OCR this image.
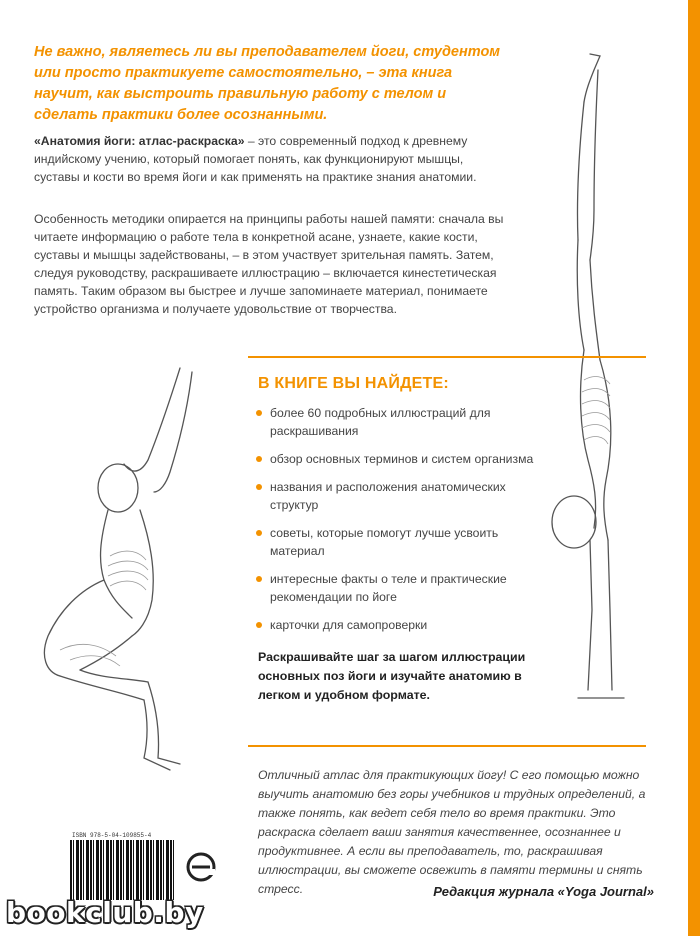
Не важно, являетесь ли вы преподавателем йоги, студентом или просто практикуете самостоятельно, – эта книга научит, как выстроить правильную работу с телом и сделать практики более осознанными.
«Анатомия йоги: атлас-раскраска» – это современный подход к древнему индийскому учению, который помогает понять, как функционируют мышцы, суставы и кости во время йоги и как применять на практике знания анатомии.
Особенность методики опирается на принципы работы нашей памяти: сначала вы читаете информацию о работе тела в конкретной асане, узнаете, какие кости, суставы и мышцы задействованы, – в этом участвует зрительная память. Затем, следуя руководству, раскрашиваете иллюстрацию – включается кинестетическая память. Таким образом вы быстрее и лучше запоминаете материал, понимаете устройство организма и получаете удовольствие от творчества.
В КНИГЕ ВЫ НАЙДЕТЕ:
более 60 подробных иллюстраций для раскрашивания
обзор основных терминов и систем организма
названия и расположения анатомических структур
советы, которые помогут лучше усвоить материал
интересные факты о теле и практические рекомендации по йоге
карточки для самопроверки
Раскрашивайте шаг за шагом иллюстрации основных поз йоги и изучайте анатомию в легком и удобном формате.
Отличный атлас для практикующих йогу! С его помощью можно выучить анатомию без горы учебников и трудных определений, а также понять, как ведет себя тело во время практики. Это раскраска сделает ваши занятия качественнее, осознаннее и продуктивнее. А если вы преподаватель, то, раскрашивая иллюстрации, вы сможете освежить в памяти термины и снять стресс.	Редакция журнала «Yoga Journal»
ISBN 978-5-04-109855-4
bookclub.by
